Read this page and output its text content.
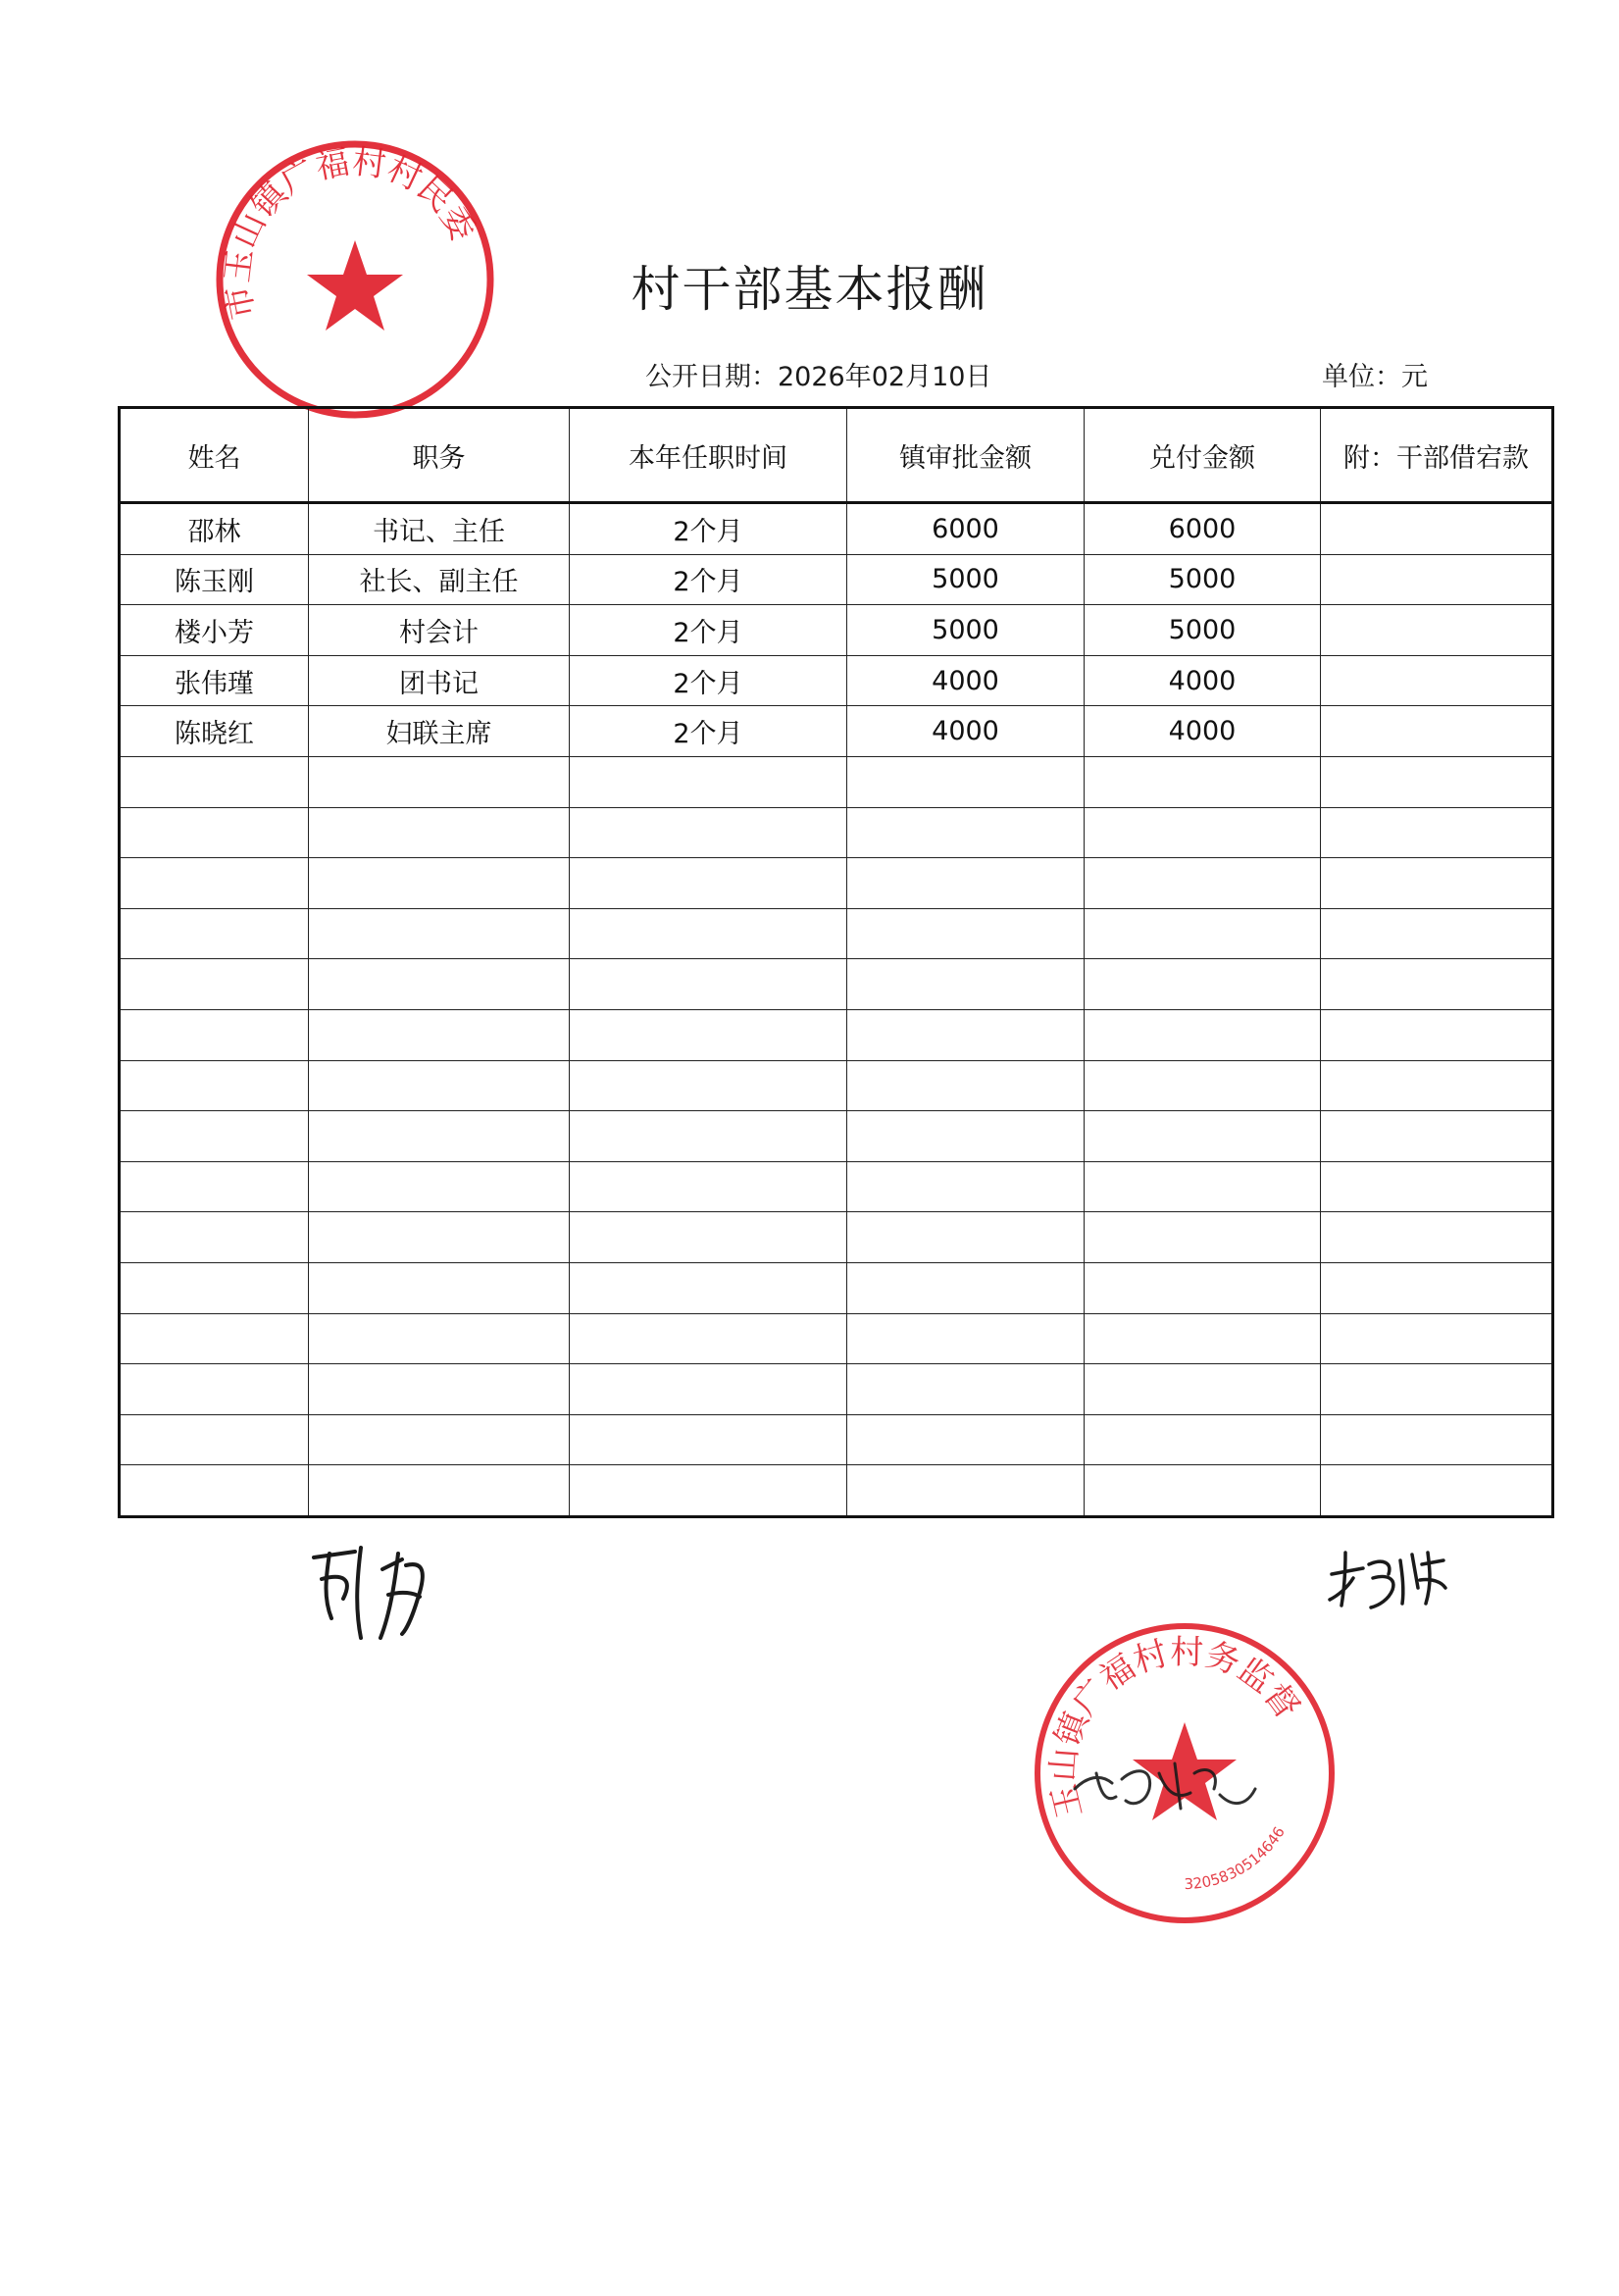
昆山市玉山镇广福村村民委员会
村干部基本报酬
公开日期：2026年02月10日	单位：元
姓名	职务	本年任职时间	镇审批金额	兑付金额	附：干部借宕款
邵林	书记、主任	2个月	6000	6000	
陈玉刚	社长、副主任	2个月	5000	5000	
楼小芳	村会计	2个月	5000	5000	
张伟瑾	团书记	2个月	4000	4000	
陈晓红	妇联主席	2个月	4000	4000	

昆山市玉山镇广福村村务监督委员会
3205830514646
